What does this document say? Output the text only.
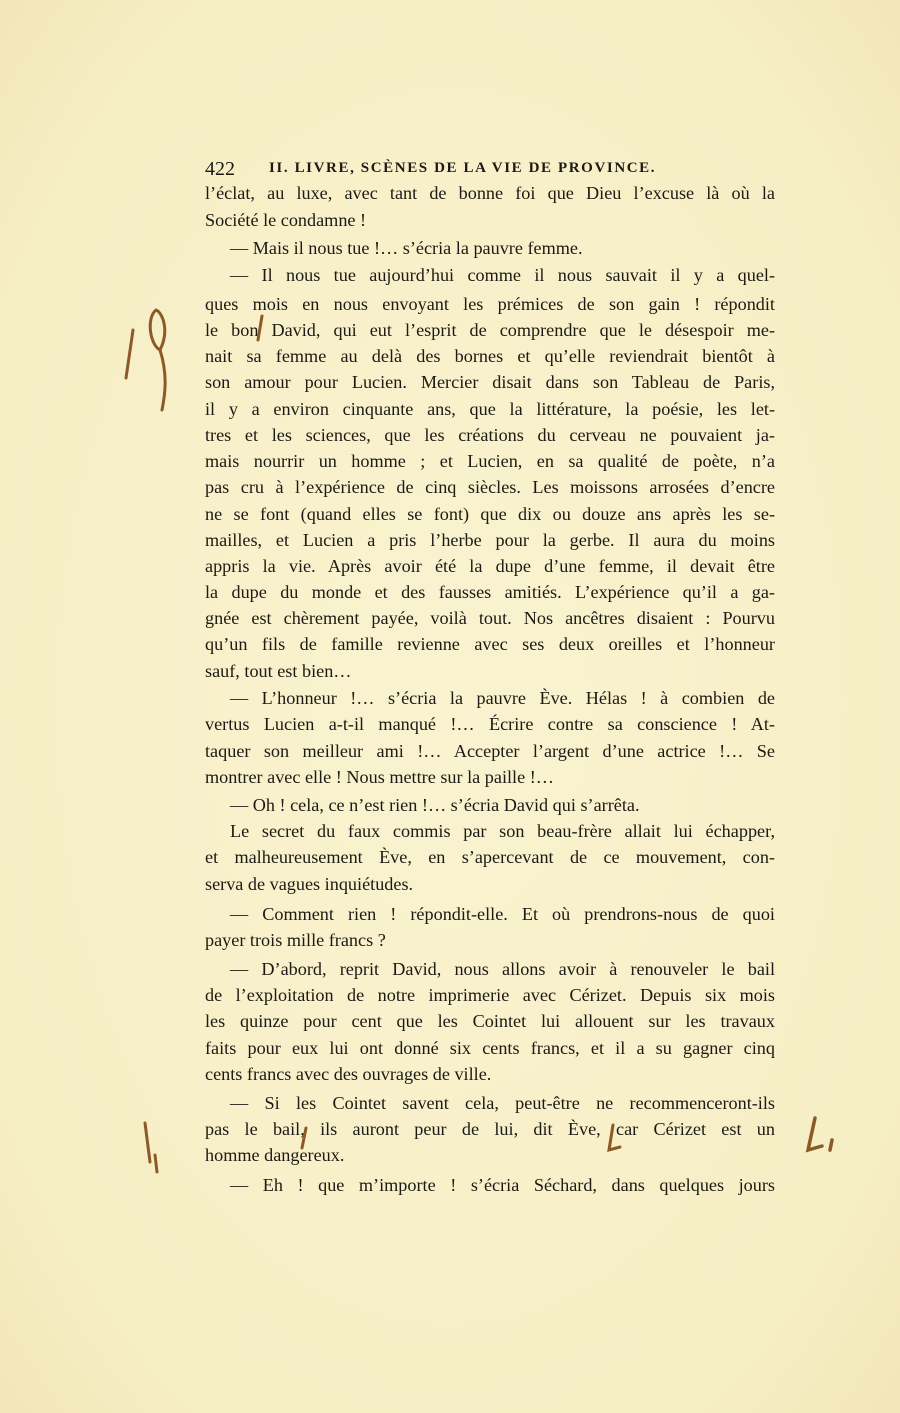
422 II. LIVRE, SCÈNES DE LA VIE DE PROVINCE.
l’éclat, au luxe, avec tant de bonne foi que Dieu l’excuse là où la
Société le condamne !
— Mais il nous tue !… s’écria la pauvre femme.
— Il nous tue aujourd’hui comme il nous sauvait il y a quel-
ques mois en nous envoyant les prémices de son gain ! répondit
le bon David, qui eut l’esprit de comprendre que le désespoir me-
nait sa femme au delà des bornes et qu’elle reviendrait bientôt à
son amour pour Lucien. Mercier disait dans son Tableau de Paris,
il y a environ cinquante ans, que la littérature, la poésie, les let-
tres et les sciences, que les créations du cerveau ne pouvaient ja-
mais nourrir un homme ; et Lucien, en sa qualité de poète, n’a
pas cru à l’expérience de cinq siècles. Les moissons arrosées d’encre
ne se font (quand elles se font) que dix ou douze ans après les se-
mailles, et Lucien a pris l’herbe pour la gerbe. Il aura du moins
appris la vie. Après avoir été la dupe d’une femme, il devait être
la dupe du monde et des fausses amitiés. L’expérience qu’il a ga-
gnée est chèrement payée, voilà tout. Nos ancêtres disaient : Pourvu
qu’un fils de famille revienne avec ses deux oreilles et l’honneur
sauf, tout est bien…
— L’honneur !… s’écria la pauvre Ève. Hélas ! à combien de
vertus Lucien a-t-il manqué !… Écrire contre sa conscience ! At-
taquer son meilleur ami !… Accepter l’argent d’une actrice !… Se
montrer avec elle ! Nous mettre sur la paille !…
— Oh ! cela, ce n’est rien !… s’écria David qui s’arrêta.
Le secret du faux commis par son beau-frère allait lui échapper,
et malheureusement Ève, en s’apercevant de ce mouvement, con-
serva de vagues inquiétudes.
— Comment rien ! répondit-elle. Et où prendrons-nous de quoi
payer trois mille francs ?
— D’abord, reprit David, nous allons avoir à renouveler le bail
de l’exploitation de notre imprimerie avec Cérizet. Depuis six mois
les quinze pour cent que les Cointet lui allouent sur les travaux
faits pour eux lui ont donné six cents francs, et il a su gagner cinq
cents francs avec des ouvrages de ville.
— Si les Cointet savent cela, peut-être ne recommenceront-ils
pas le bail, ils auront peur de lui, dit Ève, car Cérizet est un
homme dangereux.
— Eh ! que m’importe ! s’écria Séchard, dans quelques jours
